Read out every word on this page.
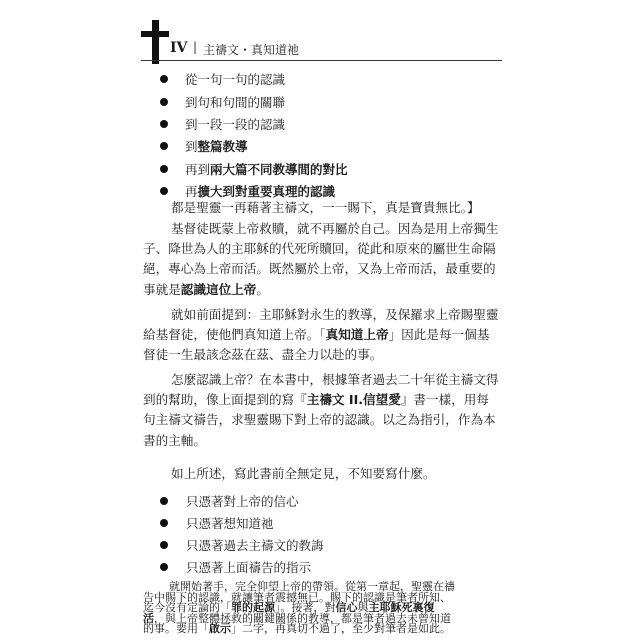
IV | 主禱文・真知道祂
從一句一句的認識
到句和句間的關聯
到一段一段的認識
到整篇教導
再到兩大篇不同教導間的對比
再擴大到對重要真理的認識
都是聖靈一再藉著主禱文，一一賜下，真是寶貴無比。】
基督徒既蒙上帝救贖，就不再屬於自己。因為是用上帝獨生
子、降世為人的主耶穌的代死所贖回，從此和原來的屬世生命隔
絕，專心為上帝而活。既然屬於上帝，又為上帝而活，最重要的
事就是認識這位上帝。
就如前面提到：主耶穌對永生的教導，及保羅求上帝賜聖靈
給基督徒，使他們真知道上帝。「真知道上帝」因此是每一個基
督徒一生最該念茲在茲、盡全力以赴的事。
怎麼認識上帝？在本書中，根據筆者過去二十年從主禱文得
到的幫助，像上面提到的寫『主禱文 II.信望愛』書一樣，用每
句主禱文禱告，求聖靈賜下對上帝的認識。以之為指引，作為本
書的主軸。
如上所述，寫此書前全無定見，不知要寫什麼。
只憑著對上帝的信心
只憑著想知道祂
只憑著過去主禱文的教誨
只憑著上面禱告的指示
就開始著手，完全仰望上帝的帶領。從第一章起，聖靈在禱
告中賜下的認識，就讓筆者震撼無已。賜下的認識是筆者所知、
迄今沒有定論的「罪的起源」。接著，對信心與主耶穌死裏復
活，與上帝整體拯救的關鍵關係的教導，都是筆者過去未曾知道
的事。要用「啟示」二字，再真切不過了，至少對筆者是如此。
